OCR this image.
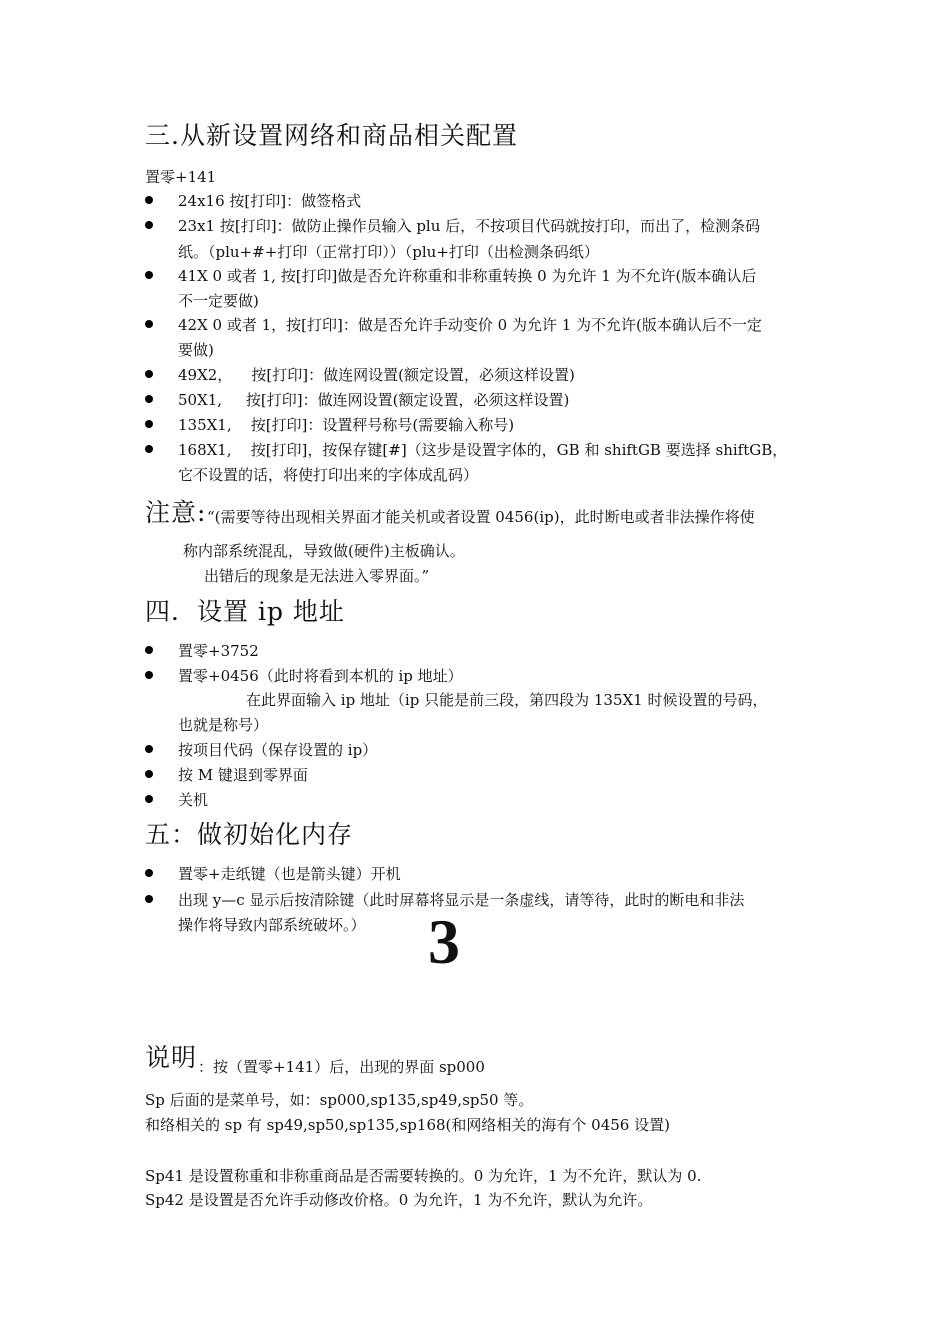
三.从新设置网络和商品相关配置
置零+141
24x16 按[打印]：做签格式
23x1 按[打印]：做防止操作员输入 plu 后，不按项目代码就按打印，而出了，检测条码
纸。（plu+#+打印（正常打印））（plu+打印（出检测条码纸）
41X 0 或者 1, 按[打印]做是否允许称重和非称重转换 0 为允许 1 为不允许(版本确认后
不一定要做)
42X 0 或者 1，按[打印]：做是否允许手动变价 0 为允许 1 为不允许(版本确认后不一定
要做)
49X2，    按[打印]：做连网设置(额定设置，必须这样设置)
50X1,     按[打印]：做连网设置(额定设置，必须这样设置)
135X1,    按[打印]：设置秤号称号(需要输入称号)
168X1,    按[打印]，按保存键[#]（这步是设置字体的，GB 和 shiftGB 要选择 shiftGB，
它不设置的话，将使打印出来的字体成乱码）
注意: “(需要等待出现相关界面才能关机或者设置 0456(ip)，此时断电或者非法操作将使
称内部系统混乱，导致做(硬件)主板确认。
出错后的现象是无法进入零界面。”
四．设置 ip 地址
置零+3752
置零+0456（此时将看到本机的 ip 地址）
在此界面输入 ip 地址（ip 只能是前三段，第四段为 135X1 时候设置的号码，
也就是称号）
按项目代码（保存设置的 ip）
按 M 键退到零界面
关机
五：做初始化内存
置零+走纸键（也是箭头键）开机
出现 y—c 显示后按清除键（此时屏幕将显示是一条虚线，请等待，此时的断电和非法
操作将导致内部系统破坏。） 3
说明 ：按（置零+141）后，出现的界面 sp000
Sp 后面的是菜单号，如：sp000,sp135,sp49,sp50 等。
和络相关的 sp 有 sp49,sp50,sp135,sp168(和网络相关的海有个 0456 设置)
Sp41 是设置称重和非称重商品是否需要转换的。0 为允许，1 为不允许，默认为 0.
Sp42 是设置是否允许手动修改价格。0 为允许，1 为不允许，默认为允许。
